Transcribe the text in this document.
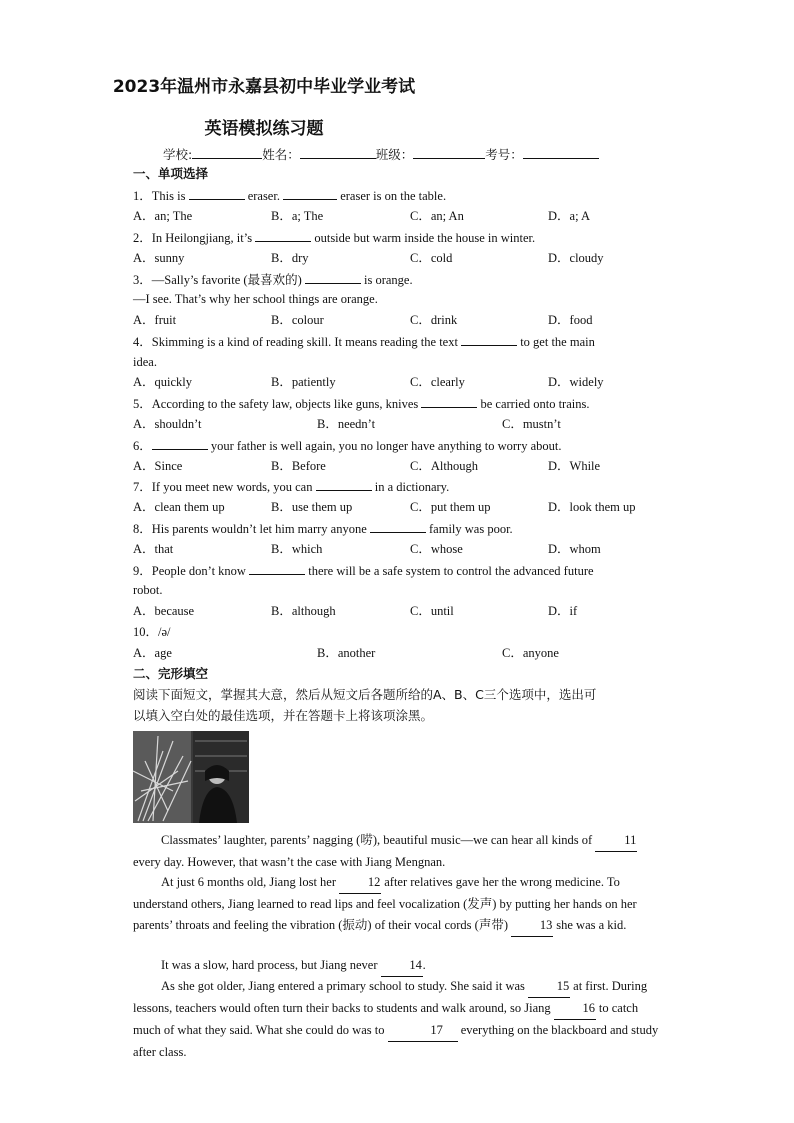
2023年温州市永嘉县初中毕业学业考试
英语模拟练习题
学校:	姓名：	班级：	考号：
一、单项选择
1．This is	eraser.	eraser is on the table.
A．an; The	B．a; The	C．an; An	D．a; A
2．In Heilongjiang, it’s	outside but warm inside the house in winter.
A．sunny	B．dry	C．cold	D．cloudy
3．—Sally’s favorite (最喜欢的)	is orange.
—I see. That’s why her school things are orange.
A．fruit	B．colour	C．drink	D．food
4．Skimming is a kind of reading skill. It means reading the text	to get the main
idea.
A．quickly	B．patiently	C．clearly	D．widely
5．According to the safety law, objects like guns, knives	be carried onto trains.
A．shouldn’t	B．needn’t	C．mustn’t
6．	your father is well again, you no longer have anything to worry about.
A．Since	B．Before	C．Although	D．While
7．If you meet new words, you can	in a dictionary.
A．clean them up	B．use them up	C．put them up	D．look them up
8．His parents wouldn’t let him marry anyone	family was poor.
A．that	B．which	C．whose	D．whom
9．People don’t know	there will be a safe system to control the advanced future
robot.
A．because	B．although	C．until	D．if
10．/ə/
A．age	B．another	C．anyone
二、完形填空
阅读下面短文，掌握其大意，然后从短文后各题所给的A、B、C三个选项中，选出可
以填入空白处的最佳选项，并在答题卡上将该项涂黑。
Classmates’ laughter, parents’ nagging (唠), beautiful music—we can hear all kinds of 11 every day. However, that wasn’t the case with Jiang Mengnan.
At just 6 months old, Jiang lost her 12 after relatives gave her the wrong medicine. To understand others, Jiang learned to read lips and feel vocalization (发声) by putting her hands on her parents’ throats and feeling the vibration (振动) of their vocal cords (声带) 13 she was a kid.
It was a slow, hard process, but Jiang never 14.
As she got older, Jiang entered a primary school to study. She said it was 15 at first. During lessons, teachers would often turn their backs to students and walk around, so Jiang 16 to catch much of what they said. What she could do was to	17 everything on the blackboard and study after class.
